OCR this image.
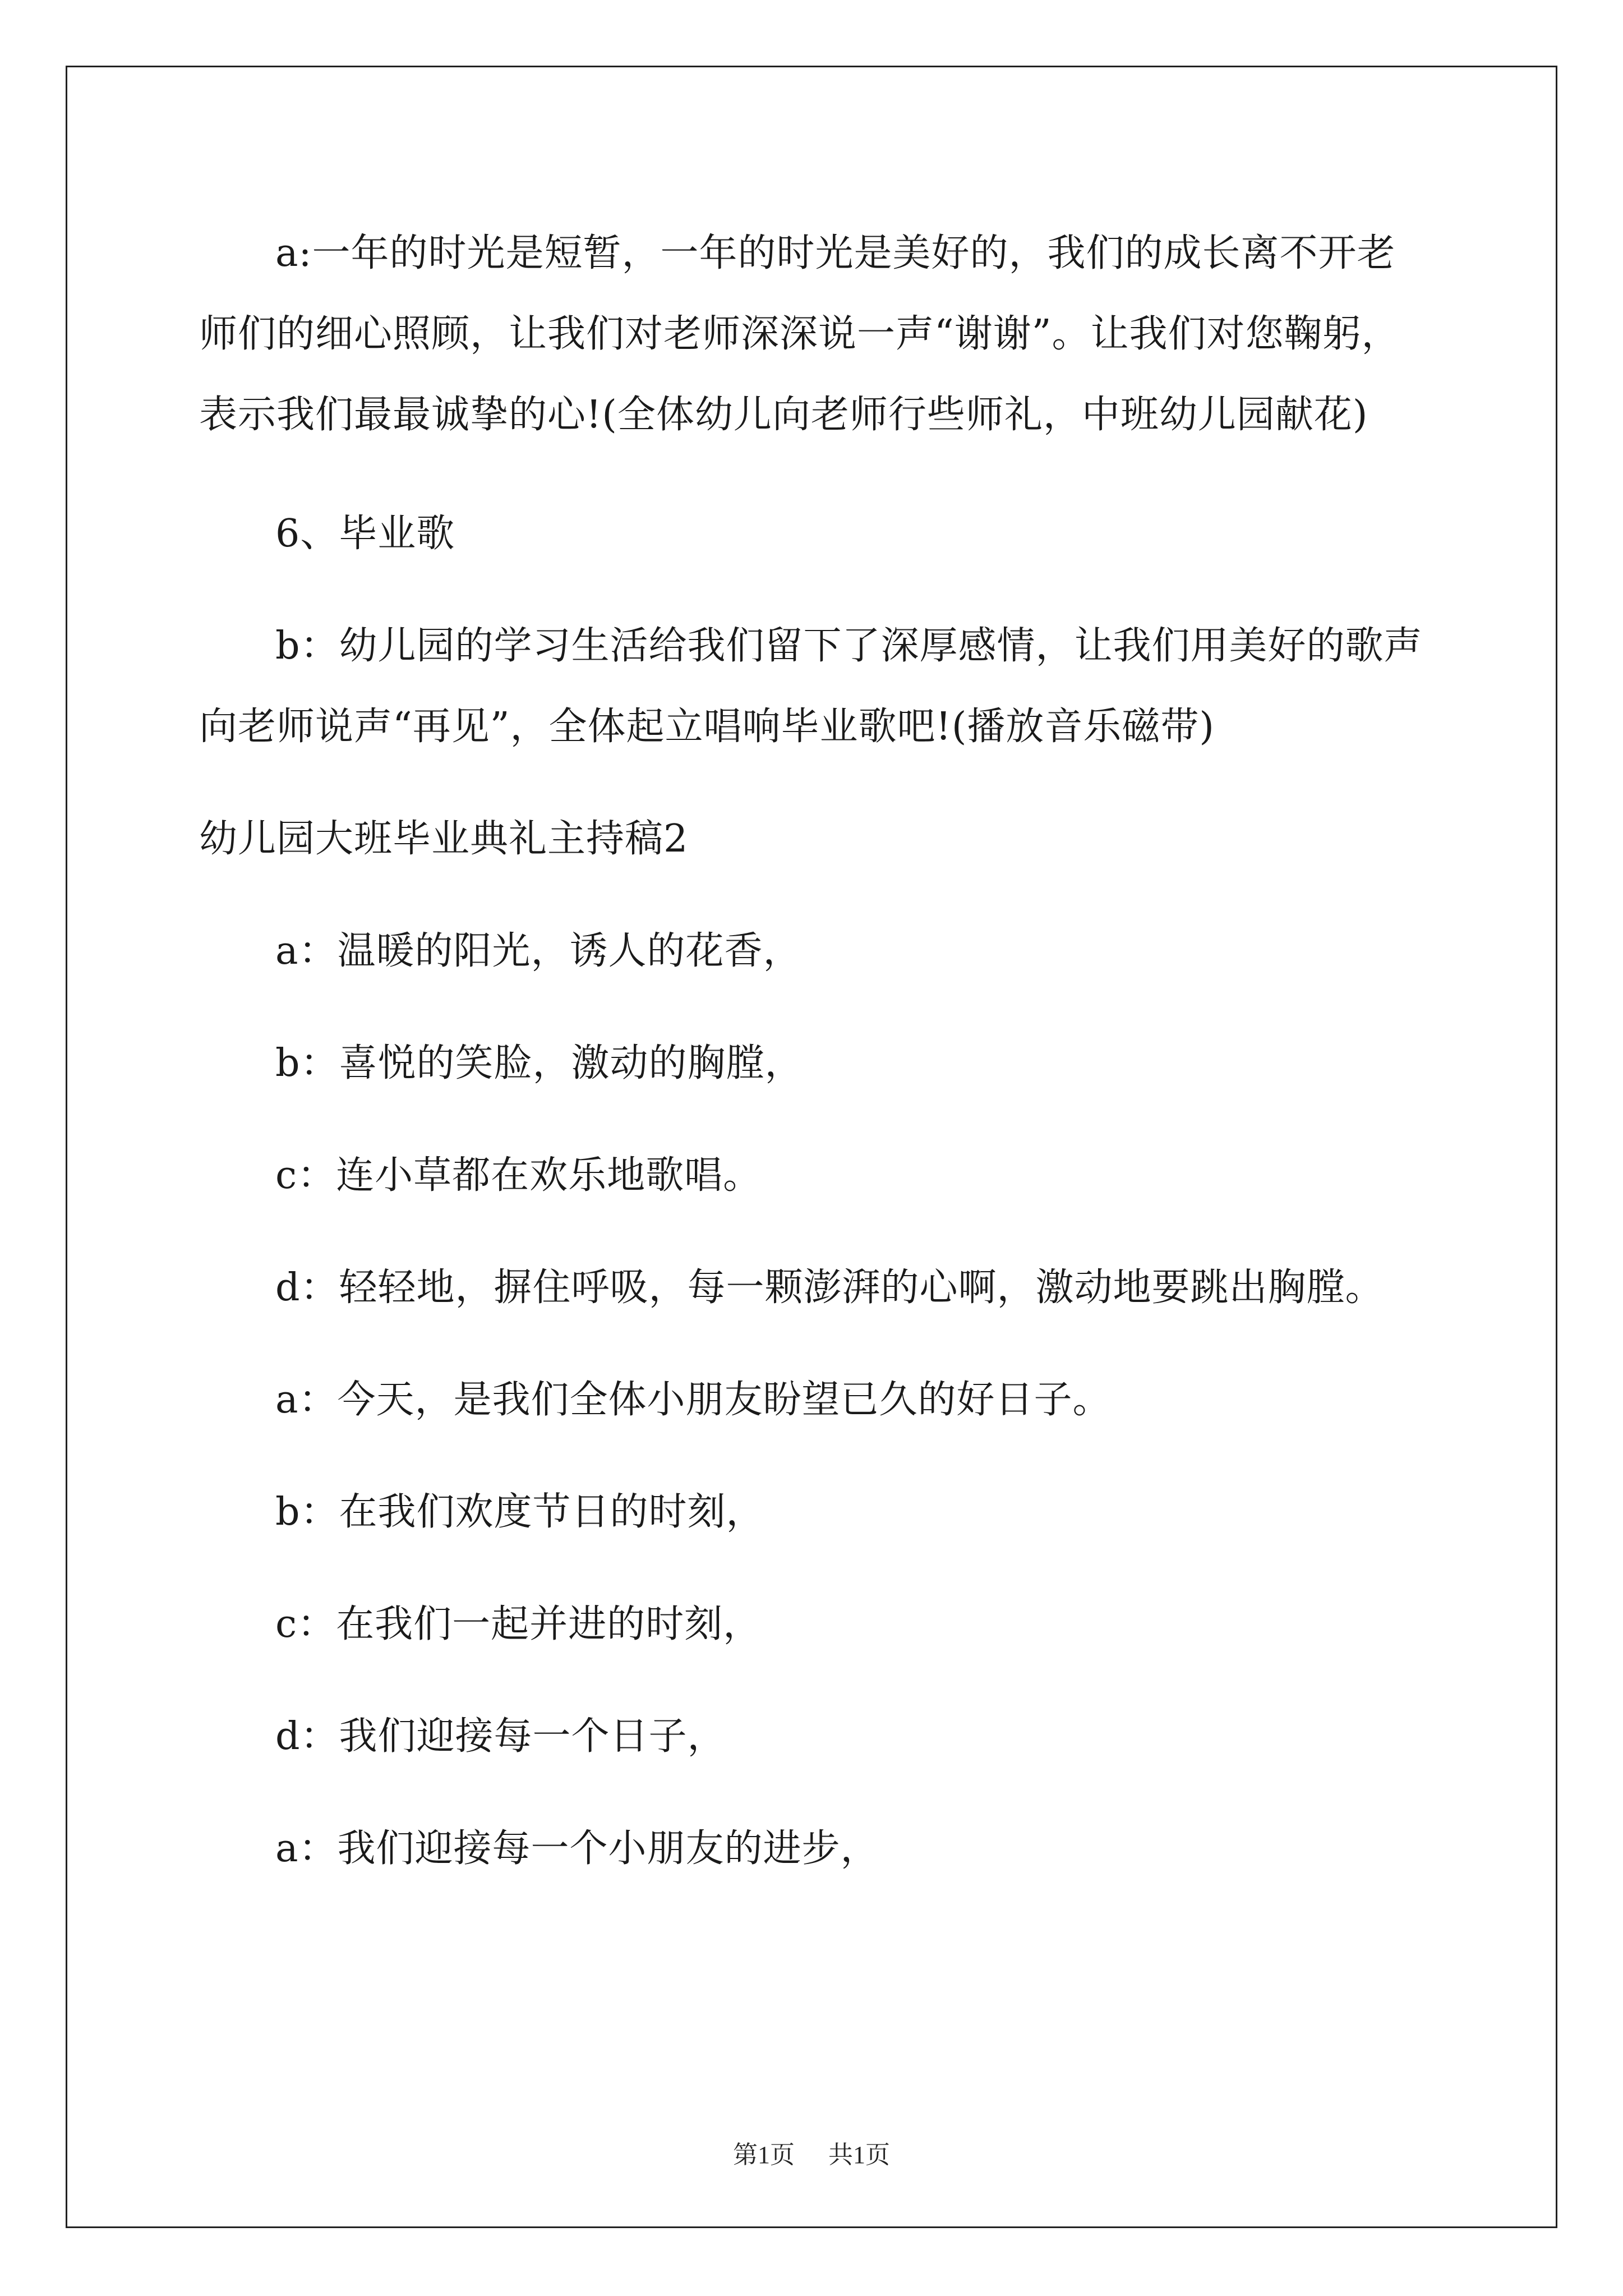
a:一年的时光是短暂，一年的时光是美好的，我们的成长离不开老师们的细心照顾，让我们对老师深深说一声“谢谢”。让我们对您鞠躬，表示我们最最诚挚的心!(全体幼儿向老师行些师礼，中班幼儿园献花)

6、毕业歌

b：幼儿园的学习生活给我们留下了深厚感情，让我们用美好的歌声向老师说声“再见”，全体起立唱响毕业歌吧!(播放音乐磁带)

幼儿园大班毕业典礼主持稿2

a：温暖的阳光，诱人的花香，

b：喜悦的笑脸，激动的胸膛，

c：连小草都在欢乐地歌唱。

d：轻轻地，摒住呼吸，每一颗澎湃的心啊，激动地要跳出胸膛。

a：今天，是我们全体小朋友盼望已久的好日子。

b：在我们欢度节日的时刻，

c：在我们一起并进的时刻，

d：我们迎接每一个日子，

a：我们迎接每一个小朋友的进步，

第1页 共1页
